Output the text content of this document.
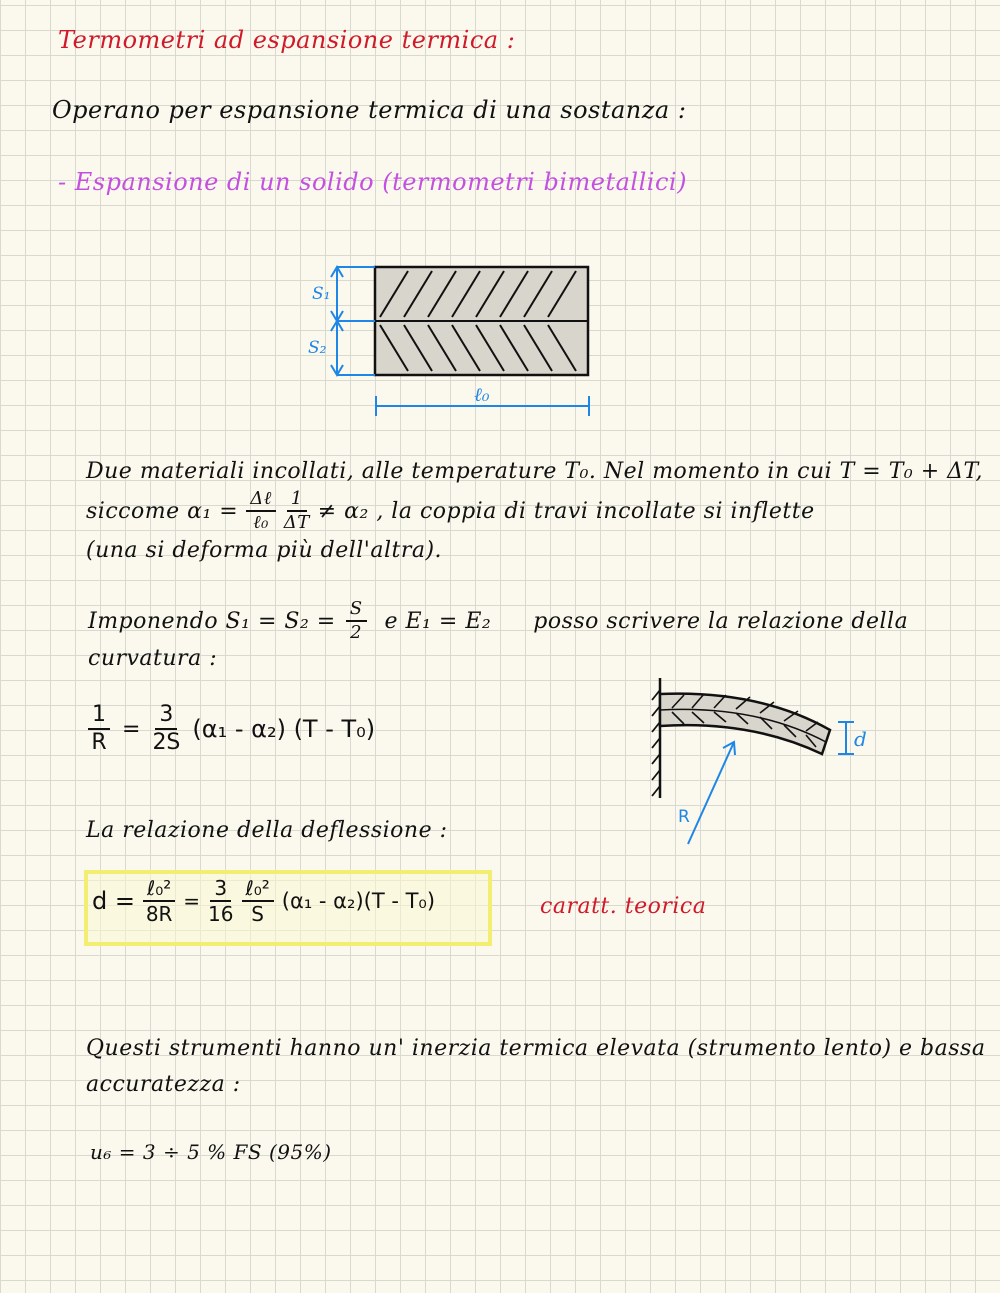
Termometri ad espansione termica :
Operano per espansione termica di una sostanza :
- Espansione di un solido (termometri bimetallici)
S₁
S₂
ℓ₀
Due materiali incollati, alle temperature T₀. Nel momento in cui T = T₀ + ΔT,
siccome $\alpha_1 = \frac{\text{Δℓ}}{\text{ℓ₀}} \frac{1}{\Delta T} \ne \alpha_2$ , la coppia di travi incollate si inflette
(una si deforma più dell'altra).
Imponendo $S_1 = S_2 = \frac{S}{2}$ e E₁ = E₂ posso scrivere la relazione della
curvatura :
$\frac{1}{R} = \frac{3}{2S} (\alpha_1 - \alpha_2)$ (T - T₀)	d
R
La relazione della deflessione :
$d = \frac{\text{ℓ₀²}}{8R} = \frac{3}{16} \frac{\text{ℓ₀²}}{S} (\alpha_1 - \alpha_2)(T - T_0)$	caratt. teorica
Questi strumenti hanno un' inerzia termica elevata (strumento lento) e bassa
accuratezza :
u₆ = 3 ÷ 5 % FS (95%)
